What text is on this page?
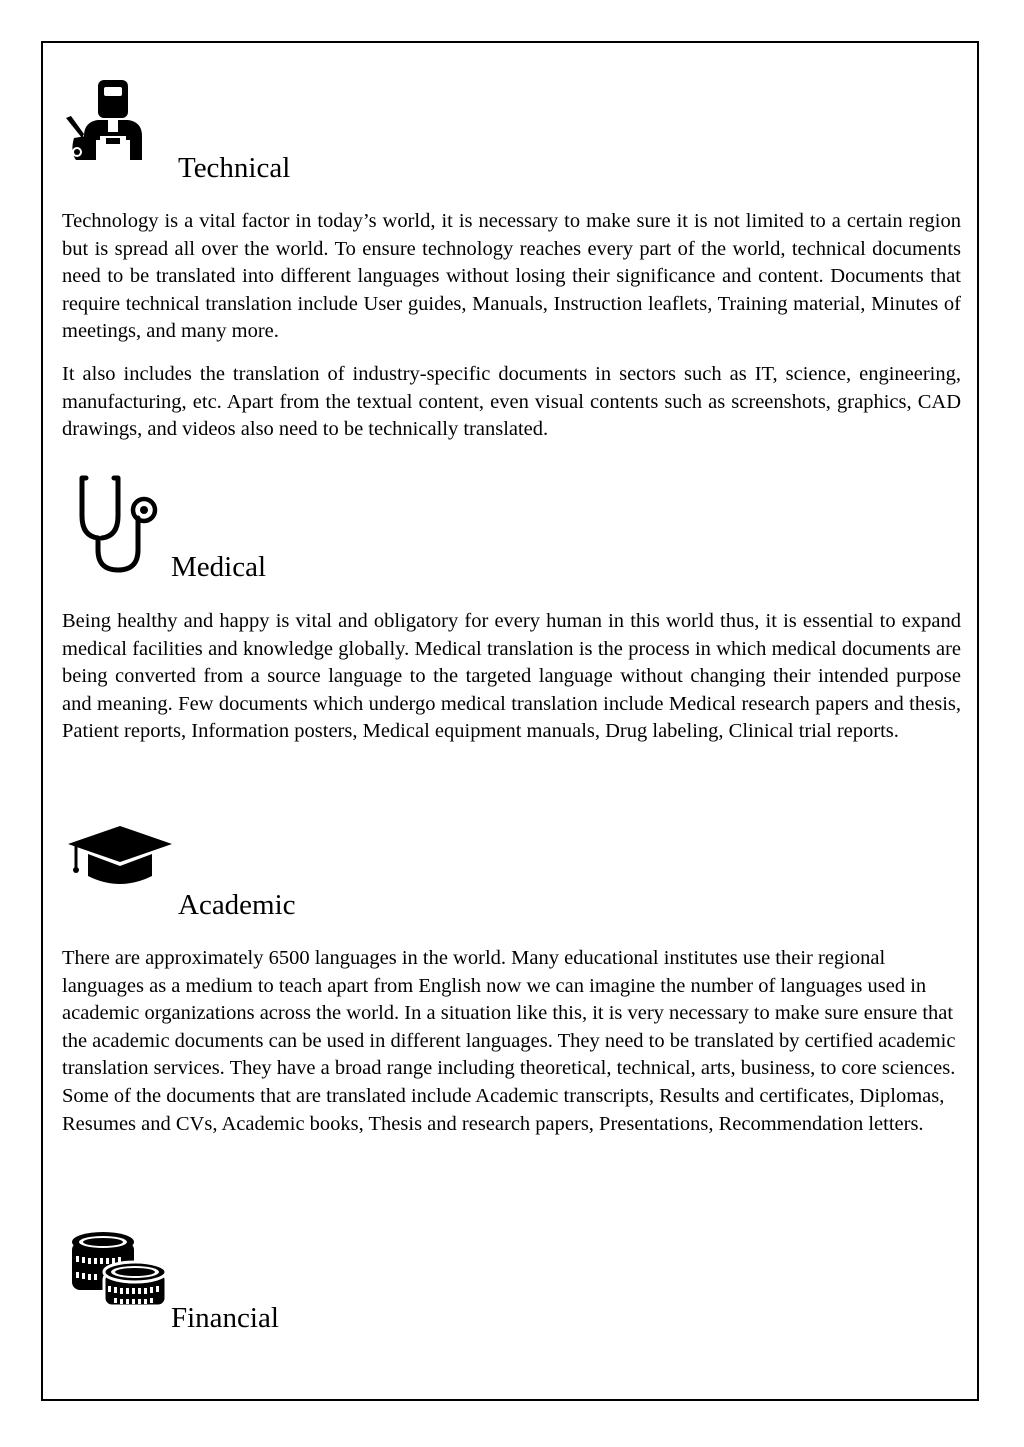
Technical

Technology is a vital factor in today’s world, it is necessary to make sure it is not limited to a certain region but is spread all over the world. To ensure technology reaches every part of the world, technical documents need to be translated into different languages without losing their significance and content. Documents that require technical translation include User guides, Manuals, Instruction leaflets, Training material, Minutes of meetings, and many more.

It also includes the translation of industry-specific documents in sectors such as IT, science, engineering, manufacturing, etc. Apart from the textual content, even visual contents such as screenshots, graphics, CAD drawings, and videos also need to be technically translated.

Medical

Being healthy and happy is vital and obligatory for every human in this world thus, it is essential to expand medical facilities and knowledge globally. Medical translation is the process in which medical documents are being converted from a source language to the targeted language without changing their intended purpose and meaning. Few documents which undergo medical translation include Medical research papers and thesis, Patient reports, Information posters, Medical equipment manuals, Drug labeling, Clinical trial reports.

Academic

There are approximately 6500 languages in the world. Many educational institutes use their regional languages as a medium to teach apart from English now we can imagine the number of languages used in academic organizations across the world. In a situation like this, it is very necessary to make sure ensure that the academic documents can be used in different languages. They need to be translated by certified academic translation services. They have a broad range including theoretical, technical, arts, business, to core sciences. Some of the documents that are translated include Academic transcripts, Results and certificates, Diplomas, Resumes and CVs, Academic books, Thesis and research papers, Presentations, Recommendation letters.

Financial
